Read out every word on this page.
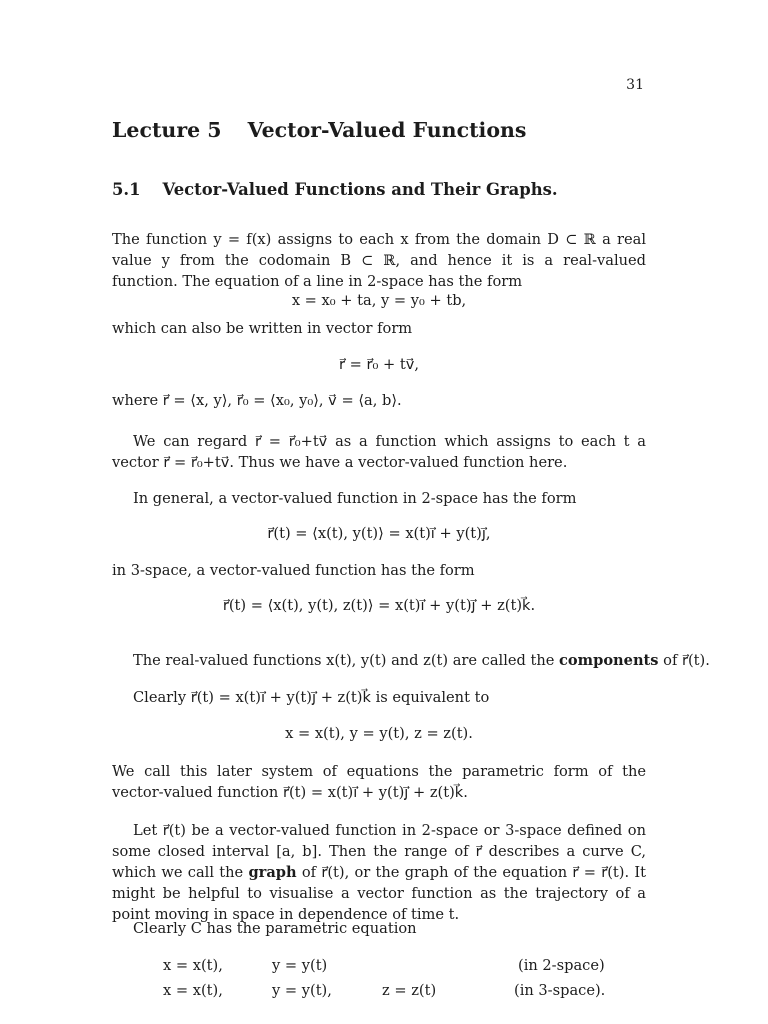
31
Lecture 5 Vector-Valued Functions
5.1 Vector-Valued Functions and Their Graphs.
The function y = f(x) assigns to each x from the domain D ⊂ ℝ a real value y from the codomain B ⊂ ℝ, and hence it is a real-valued function. The equation of a line in 2-space has the form
x = x₀ + ta, y = y₀ + tb,
which can also be written in vector form
r⃗ = r⃗₀ + tv⃗,
where r⃗ = ⟨x, y⟩, r⃗₀ = ⟨x₀, y₀⟩, v⃗ = ⟨a, b⟩.
We can regard r⃗ = r⃗₀+tv⃗ as a function which assigns to each t a vector r⃗ = r⃗₀+tv⃗. Thus we have a vector-valued function here.
In general, a vector-valued function in 2-space has the form
r⃗(t) = ⟨x(t), y(t)⟩ = x(t)i⃗ + y(t)j⃗,
in 3-space, a vector-valued function has the form
r⃗(t) = ⟨x(t), y(t), z(t)⟩ = x(t)i⃗ + y(t)j⃗ + z(t)k⃗.
The real-valued functions x(t), y(t) and z(t) are called the components of r⃗(t).
Clearly r⃗(t) = x(t)i⃗ + y(t)j⃗ + z(t)k⃗ is equivalent to
x = x(t), y = y(t), z = z(t).
We call this later system of equations the parametric form of the vector-valued function r⃗(t) = x(t)i⃗ + y(t)j⃗ + z(t)k⃗.
Let r⃗(t) be a vector-valued function in 2-space or 3-space defined on some closed interval [a, b]. Then the range of r⃗ describes a curve C, which we call the graph of r⃗(t), or the graph of the equation r⃗ = r⃗(t). It might be helpful to visualise a vector function as the trajectory of a point moving in space in dependence of time t.
Clearly C has the parametric equation
x = x(t),	y = y(t)	(in 2-space)
x = x(t),	y = y(t),	z = z(t)	(in 3-space).
